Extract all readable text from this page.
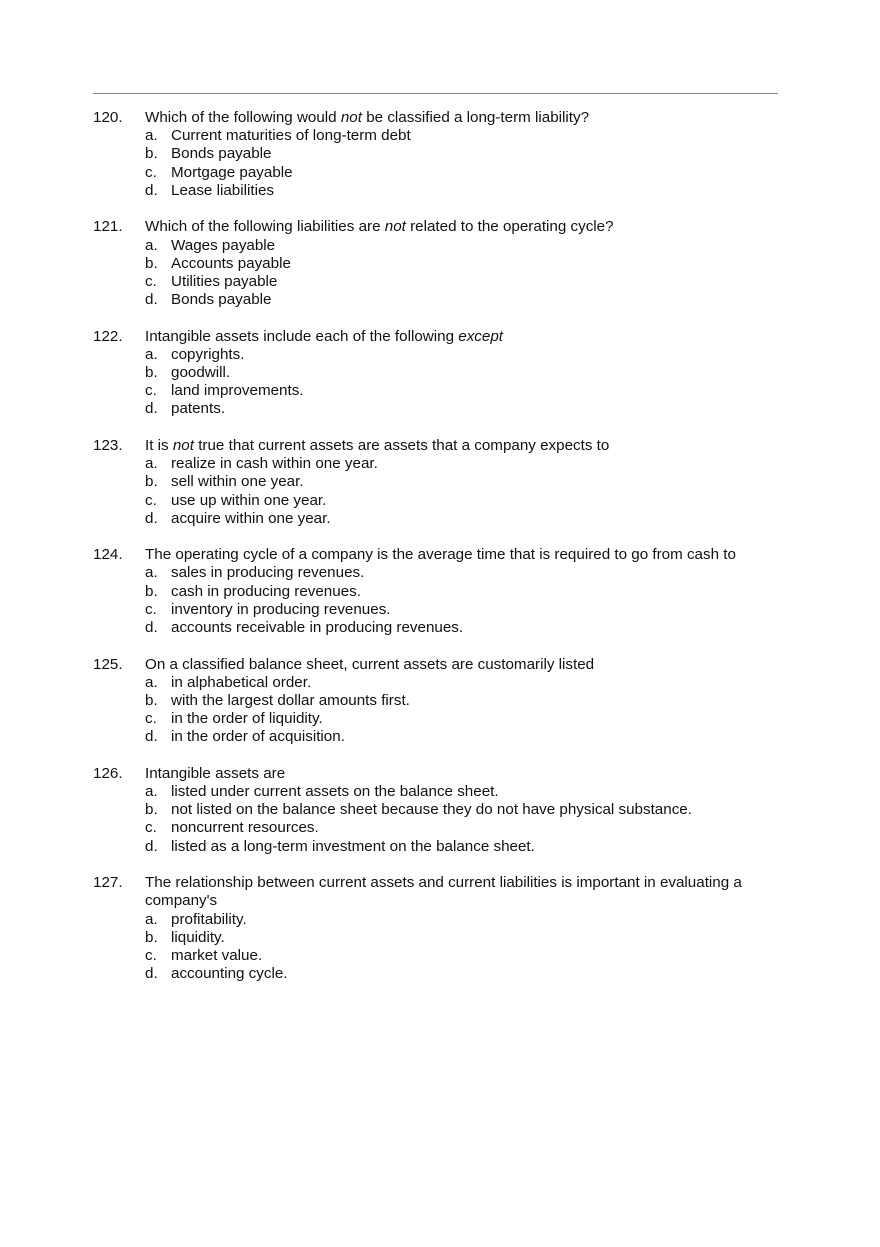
120.	Which of the following would not be classified a long-term liability?
a. Current maturities of long-term debt
b. Bonds payable
c. Mortgage payable
d. Lease liabilities
121.	Which of the following liabilities are not related to the operating cycle?
a. Wages payable
b. Accounts payable
c. Utilities payable
d. Bonds payable
122.	Intangible assets include each of the following except
a. copyrights.
b. goodwill.
c. land improvements.
d. patents.
123.	It is not true that current assets are assets that a company expects to
a. realize in cash within one year.
b. sell within one year.
c. use up within one year.
d. acquire within one year.
124.	The operating cycle of a company is the average time that is required to go from cash to
a. sales in producing revenues.
b. cash in producing revenues.
c. inventory in producing revenues.
d. accounts receivable in producing revenues.
125.	On a classified balance sheet, current assets are customarily listed
a. in alphabetical order.
b. with the largest dollar amounts first.
c. in the order of liquidity.
d. in the order of acquisition.
126.	Intangible assets are
a. listed under current assets on the balance sheet.
b. not listed on the balance sheet because they do not have physical substance.
c. noncurrent resources.
d. listed as a long-term investment on the balance sheet.
127.	The relationship between current assets and current liabilities is important in evaluating a company's
a. profitability.
b. liquidity.
c. market value.
d. accounting cycle.
